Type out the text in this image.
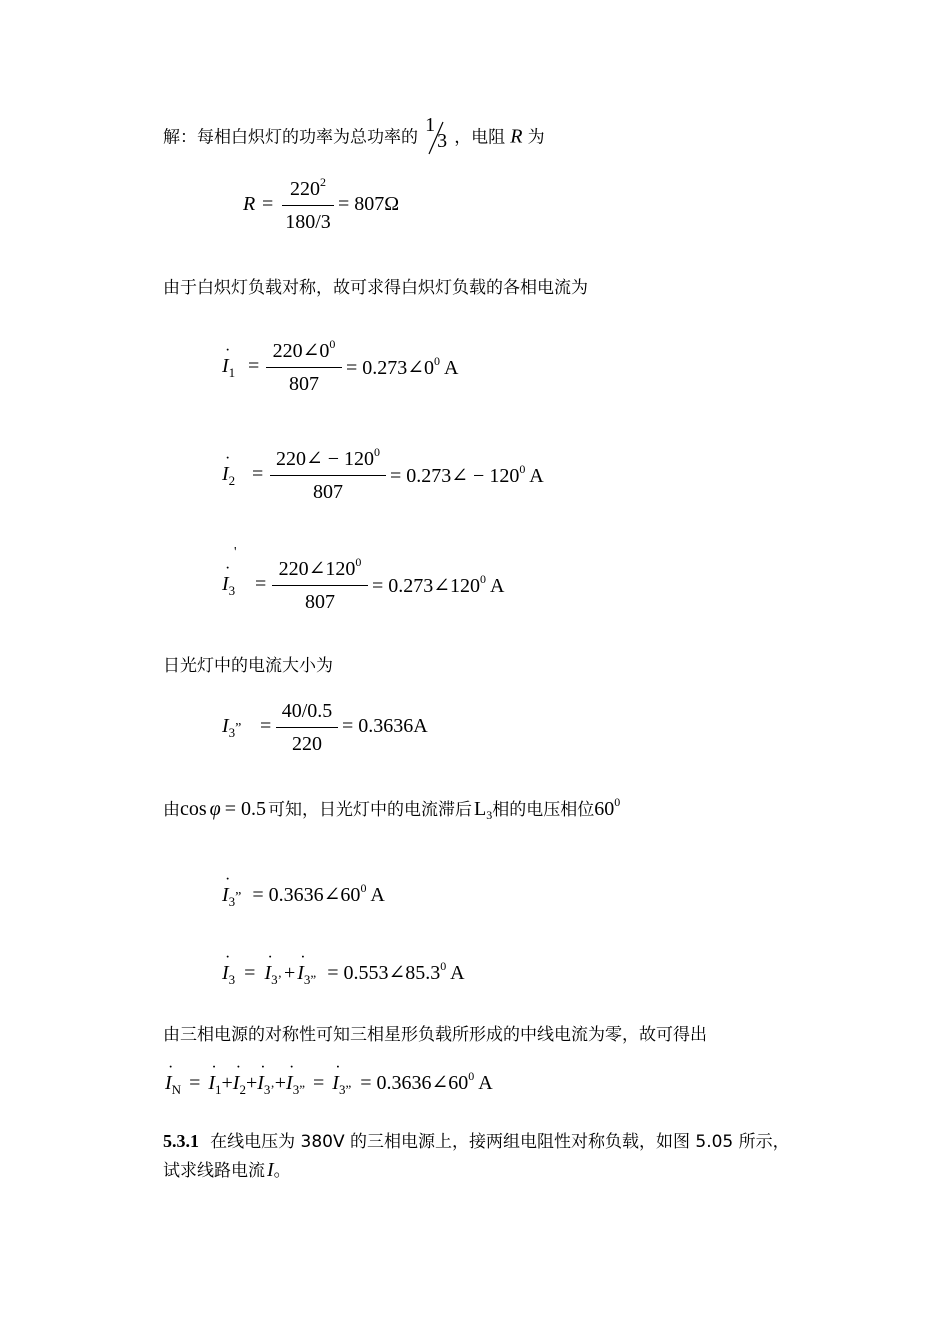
解：每相白炽灯的功率为总功率的
1
3 ，电阻 R 为
R =
$220^2$
180/3
= 807Ω
由于白炽灯负载对称，故可求得白炽灯负载的各相电流为
· $I_1$ =
$220\angle 0^0$
807
= $0.273\angle 0^0$ A
· $I_2$ =
220∠ − $120^0$
807
= 0.273∠ − $120^0$ A
'
· $I_3$ =
$220\angle 120^0$
807
= $0.273\angle 120^0$ A
日光灯中的电流大小为
$I_3$” =
40/0.5
220
= 0.3636A
由cos φ = 0.5 可知，日光灯中的电流滞后 $L_3$相的电压相位$60^0$
· $I_3$” = $0.3636\angle 60^0$ A
· $I_3$ = · $I_{3’} +\cdot I_{3”}$ = $0.553\angle 85.3^0$ A
由三相电源的对称性可知三相星形负载所形成的中线电流为零，故可得出
· $I_N$ = · $I_1+\cdot I_2+\cdot I_{3’}+\cdot I_{3”}$ = · $I_{3”}$ = $0.3636\angle 60^0$ A
5.3.1 在线电压为 380V 的三相电源上，接两组电阻性对称负载，如图 5.05 所示，
试求线路电流 I。
